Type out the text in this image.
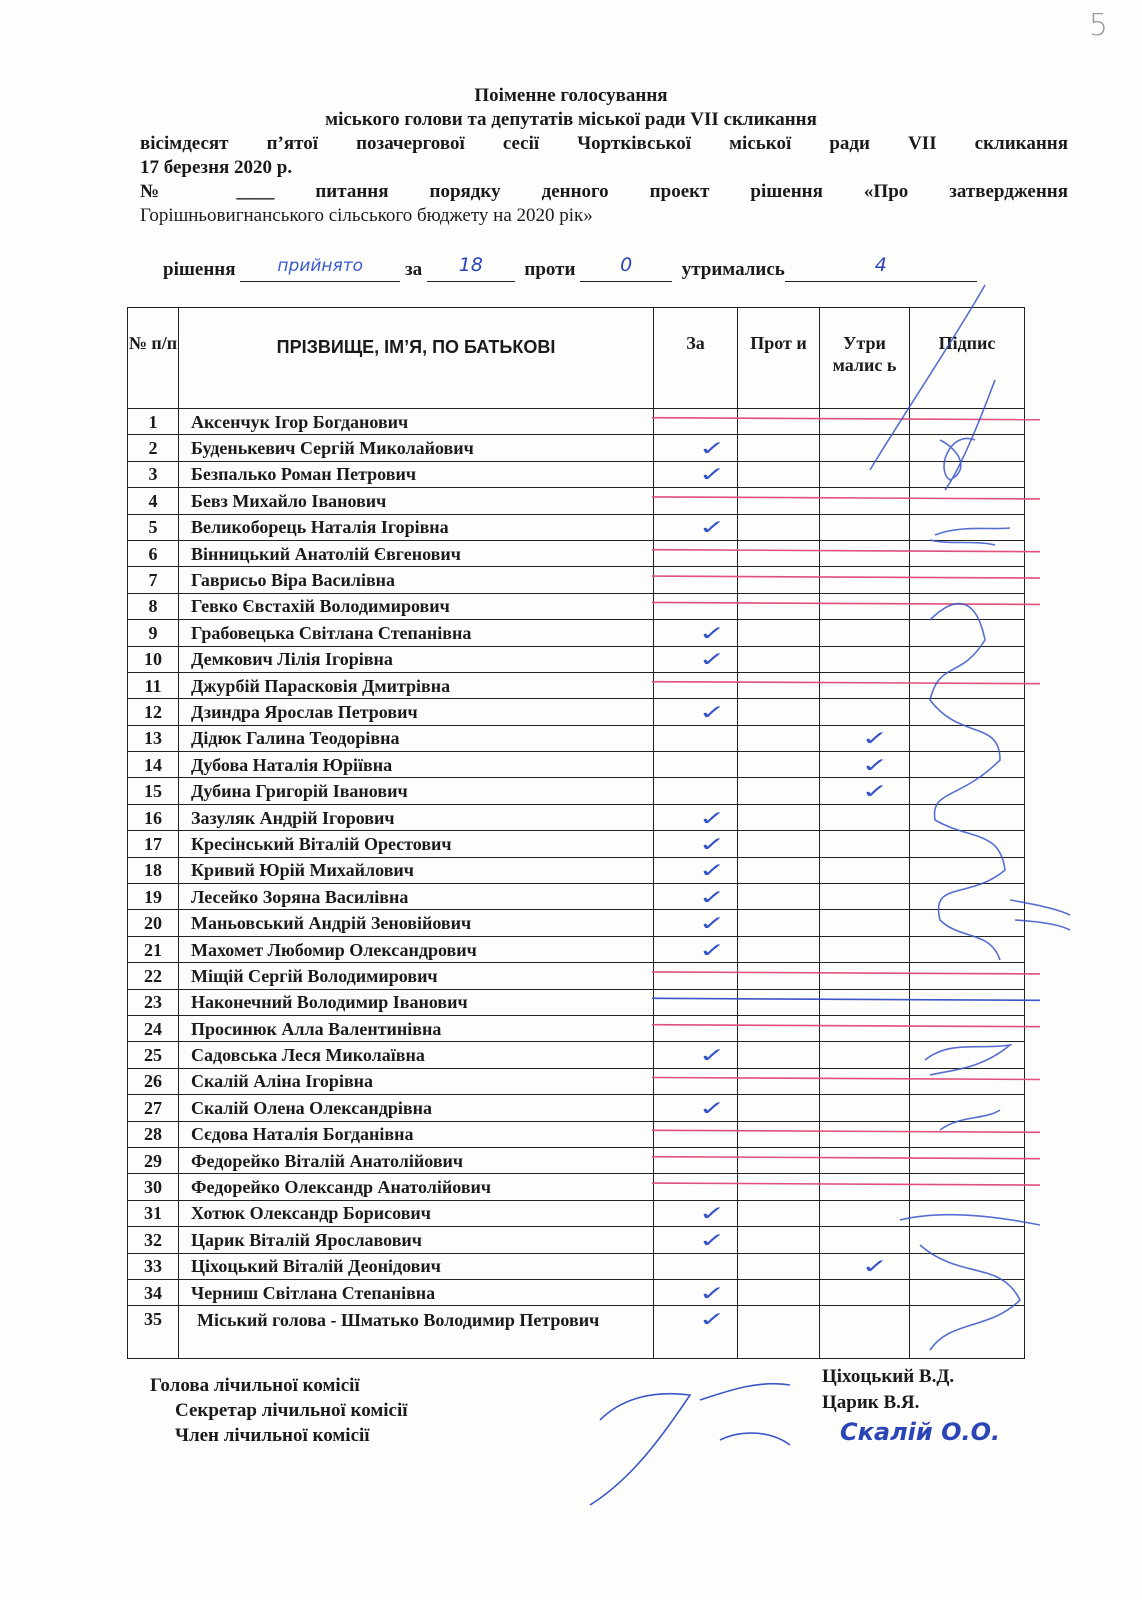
5
Поіменне голосування
міського голови та депутатів міської ради VII скликання
вісімдесят п’ятої позачергової сесії Чортківської міської ради VII скликання
17 березня 2020 р.
№ ____ питання порядку денного проект рішення «Про затвердження
Горішньовигнанського сільського бюджету на 2020 рік»
рішення прийнято за 18 проти 0	утримались	4
№ п/п	ПРІЗВИЩЕ, ІМ’Я, ПО БАТЬКОВІ	За	Прот и	Утри малис ь	Підпис
1	Аксенчук Ігор Богданович				
2	Буденькевич Сергій Миколайович	✓			

3	Безпалько Роман Петрович	✓			

4	Бевз Михайло Іванович				
5	Великоборець Наталія Ігорівна	✓			

6	Вінницький Анатолій Євгенович				
7	Гаврисьо Віра Василівна				
8	Гевко Євстахій Володимирович				
9	Грабовецька Світлана Степанівна	✓			

10	Демкович Лілія Ігорівна	✓			

11	Джурбій Парасковія Дмитрівна				
12	Дзиндра Ярослав Петрович	✓			

13	Дідюк Галина Теодорівна			✓	

14	Дубова Наталія Юріївна			✓	

15	Дубина Григорій Іванович			✓	

16	Зазуляк Андрій Ігорович	✓			

17	Кресінський Віталій Орестович	✓			

18	Кривий Юрій Михайлович	✓			

19	Лесейко Зоряна Василівна	✓			

20	Маньовський Андрій Зеновійович	✓			

21	Махомет Любомир Олександрович	✓			

22	Міщій Сергій Володимирович				
23	Наконечний Володимир Іванович				
24	Просинюк Алла Валентинівна				
25	Садовська Леся Миколаївна	✓			

26	Скалій Аліна Ігорівна				
27	Скалій Олена Олександрівна	✓			

28	Сєдова Наталія Богданівна				
29	Федорейко Віталій Анатолійович				
30	Федорейко Олександр Анатолійович				
31	Хотюк Олександр Борисович	✓			

32	Царик Віталій Ярославович	✓			

33	Ціхоцький Віталій Деонідович			✓	

34	Черниш Світлана Степанівна	✓			

35	Міський голова - Шматько Володимир Петрович	✓			

Голова лічильної комісії
Секретар лічильної комісії
Член лічильної комісії
Ціхоцький В.Д.
Царик В.Я.
Скалій О.О.
